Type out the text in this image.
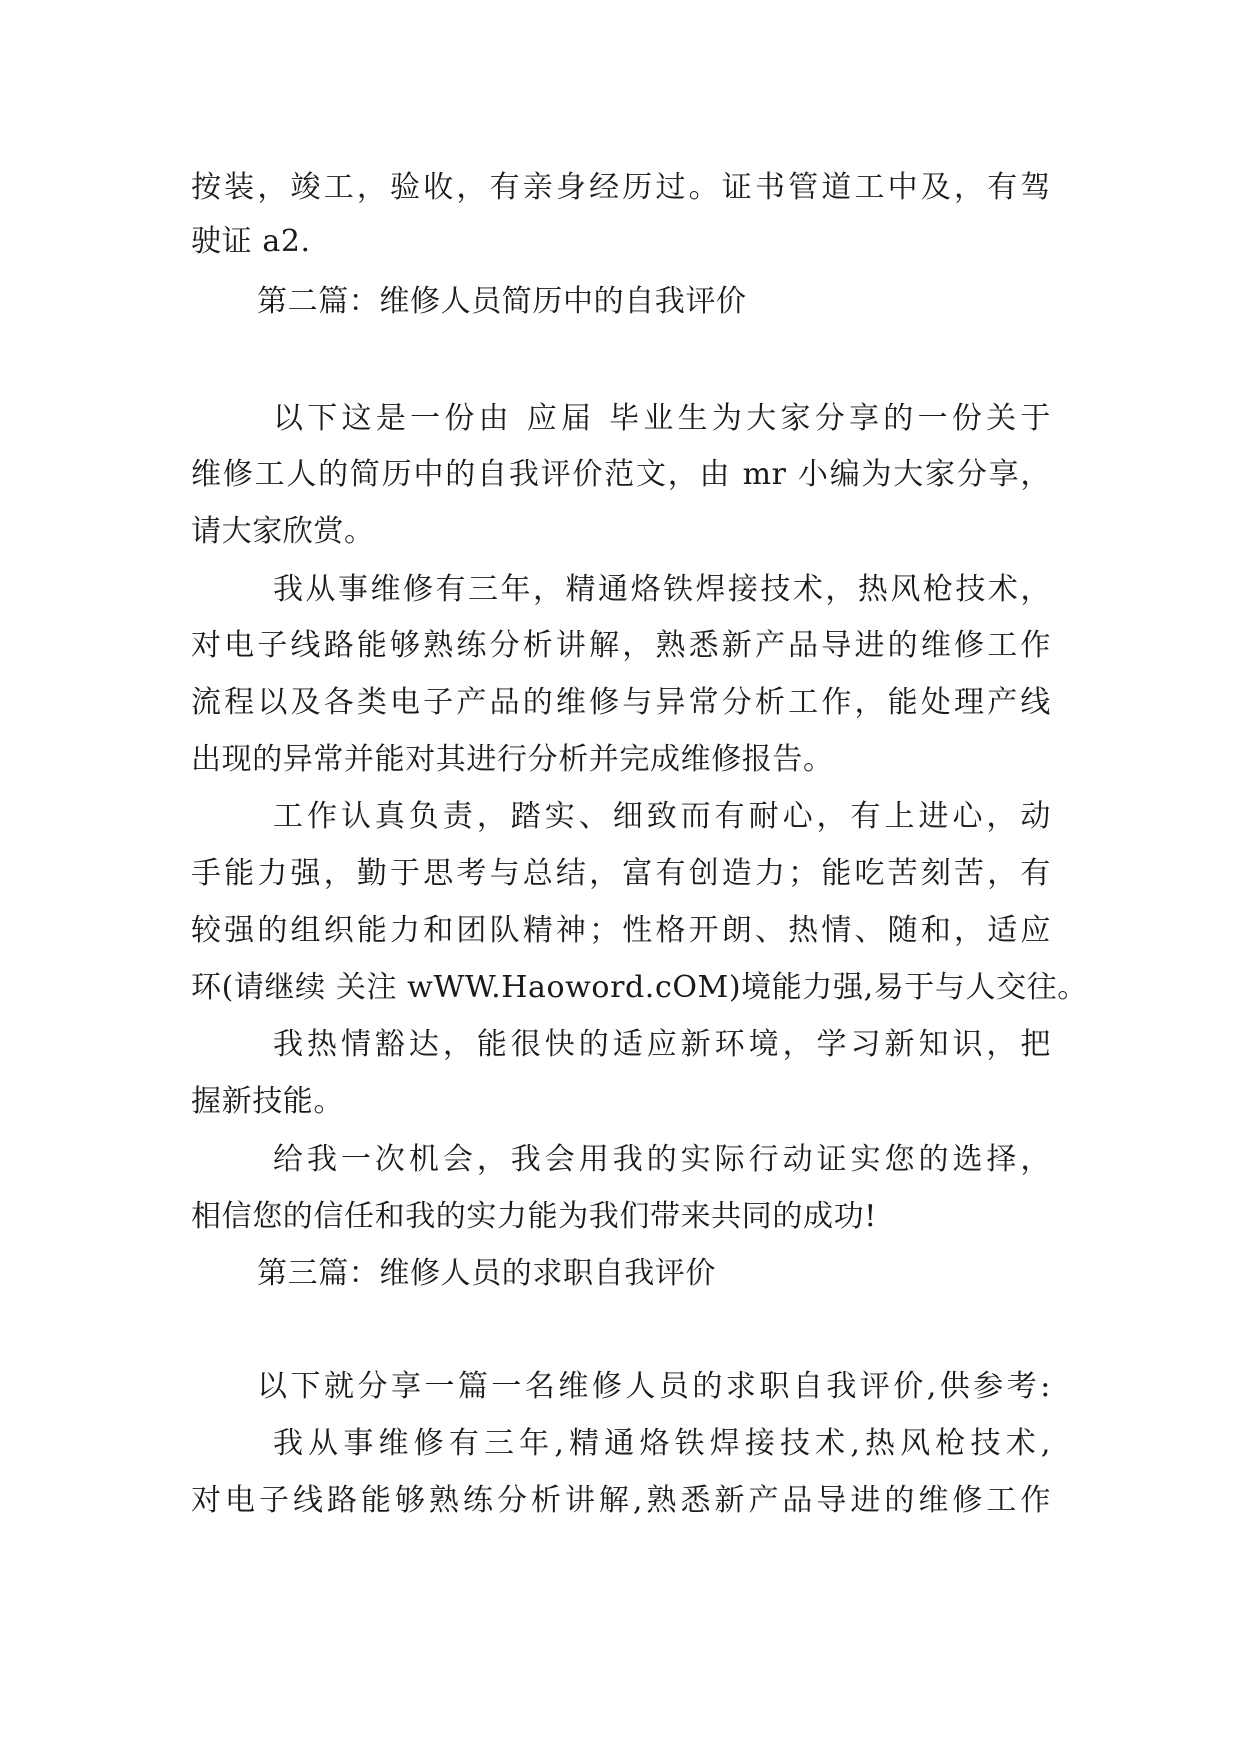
按装，竣工，验收，有亲身经历过。证书管道工中及，有驾
驶证 a2.
第二篇：维修人员简历中的自我评价
以下这是一份由 应届 毕业生为大家分享的一份关于
维修工人的简历中的自我评价范文，由 mr 小编为大家分享，
请大家欣赏。
我从事维修有三年，精通烙铁焊接技术，热风枪技术，
对电子线路能够熟练分析讲解，熟悉新产品导进的维修工作
流程以及各类电子产品的维修与异常分析工作，能处理产线
出现的异常并能对其进行分析并完成维修报告。
工作认真负责，踏实、细致而有耐心，有上进心，动
手能力强，勤于思考与总结，富有创造力；能吃苦刻苦，有
较强的组织能力和团队精神；性格开朗、热情、随和，适应
环(请继续 关注 wWW.Haoword.cOM)境能力强,易于与人交往。
我热情豁达，能很快的适应新环境，学习新知识，把
握新技能。
给我一次机会，我会用我的实际行动证实您的选择，
相信您的信任和我的实力能为我们带来共同的成功!
第三篇：维修人员的求职自我评价
以下就分享一篇一名维修人员的求职自我评价,供参考:
我从事维修有三年,精通烙铁焊接技术,热风枪技术,
对电子线路能够熟练分析讲解,熟悉新产品导进的维修工作
